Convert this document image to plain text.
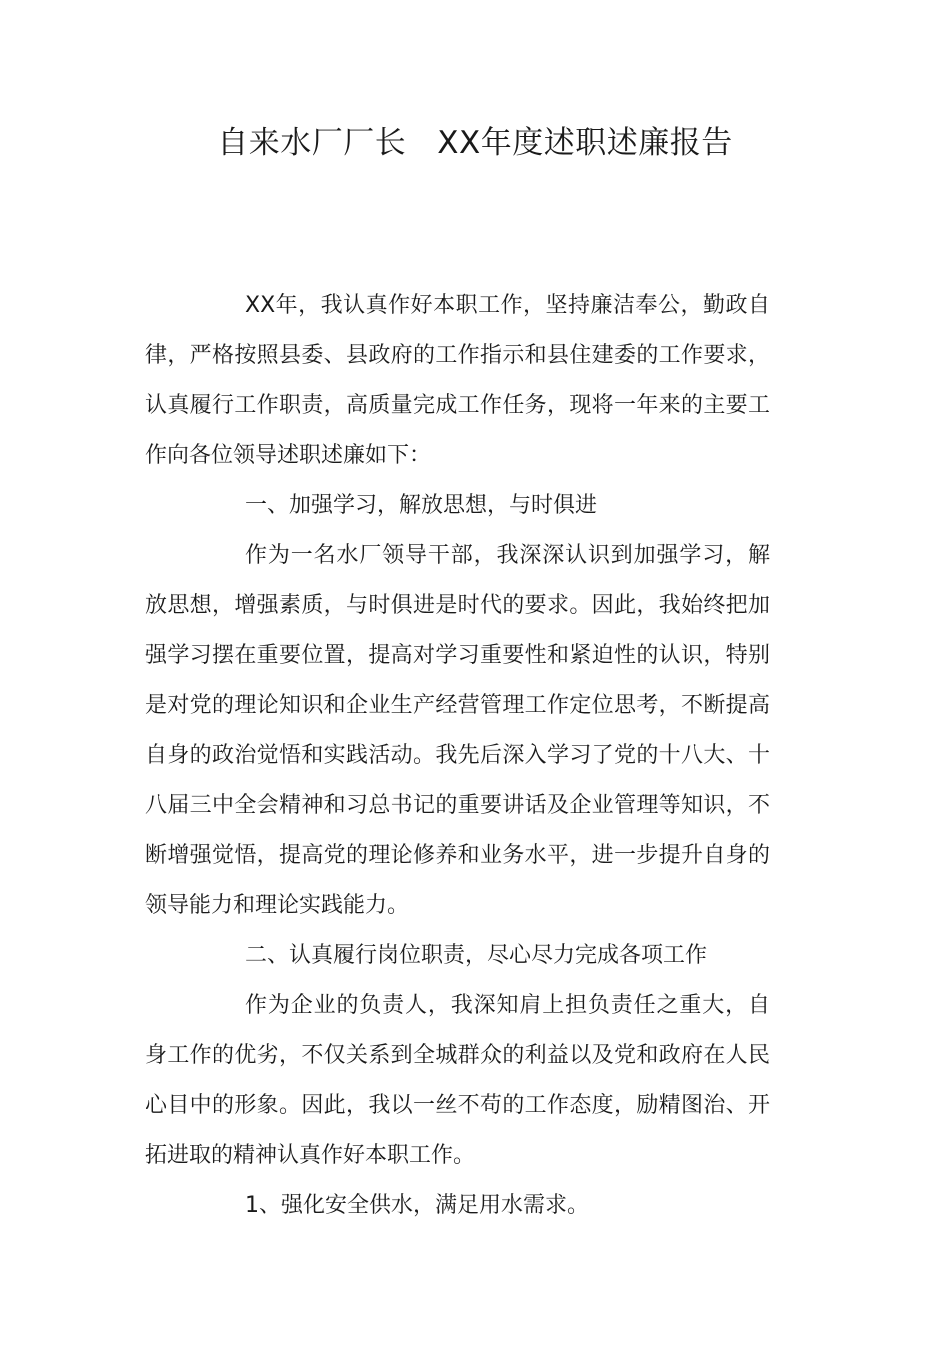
自来水厂厂长   XX年度述职述廉报告

XX年，我认真作好本职工作，坚持廉洁奉公，勤政自律，严格按照县委、县政府的工作指示和县住建委的工作要求，认真履行工作职责，高质量完成工作任务，现将一年来的主要工作向各位领导述职述廉如下：

一、加强学习，解放思想，与时俱进

作为一名水厂领导干部，我深深认识到加强学习，解放思想，增强素质，与时俱进是时代的要求。因此，我始终把加强学习摆在重要位置，提高对学习重要性和紧迫性的认识，特别是对党的理论知识和企业生产经营管理工作定位思考，不断提高自身的政治觉悟和实践活动。我先后深入学习了党的十八大、十八届三中全会精神和习总书记的重要讲话及企业管理等知识，不断增强觉悟，提高党的理论修养和业务水平，进一步提升自身的领导能力和理论实践能力。

二、认真履行岗位职责，尽心尽力完成各项工作

作为企业的负责人，我深知肩上担负责任之重大，自身工作的优劣，不仅关系到全城群众的利益以及党和政府在人民心目中的形象。因此，我以一丝不苟的工作态度，励精图治、开拓进取的精神认真作好本职工作。

1、强化安全供水，满足用水需求。
